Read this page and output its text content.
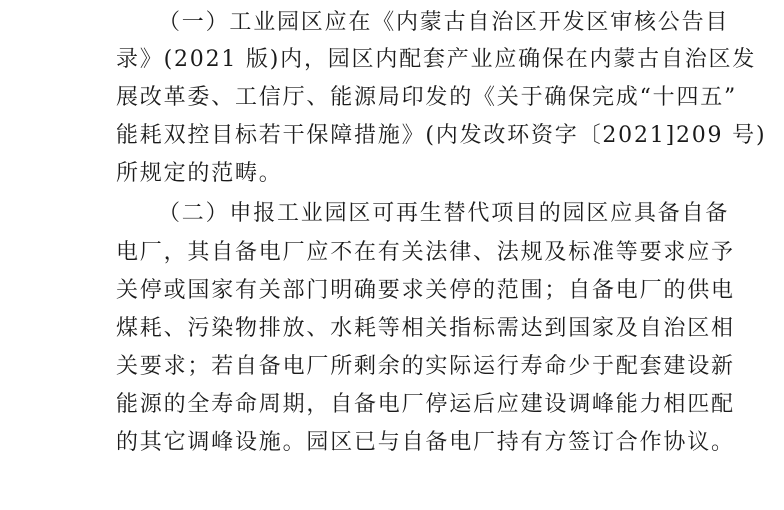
（一）工业园区应在《内蒙古自治区开发区审核公告目
录》(2021 版)内，园区内配套产业应确保在内蒙古自治区发
展改革委、工信厅、能源局印发的《关于确保完成“十四五”
能耗双控目标若干保障措施》(内发改环资字〔2021]209 号)
所规定的范畴。
（二）申报工业园区可再生替代项目的园区应具备自备
电厂，其自备电厂应不在有关法律、法规及标准等要求应予
关停或国家有关部门明确要求关停的范围；自备电厂的供电
煤耗、污染物排放、水耗等相关指标需达到国家及自治区相
关要求；若自备电厂所剩余的实际运行寿命少于配套建设新
能源的全寿命周期，自备电厂停运后应建设调峰能力相匹配
的其它调峰设施。园区已与自备电厂持有方签订合作协议。
